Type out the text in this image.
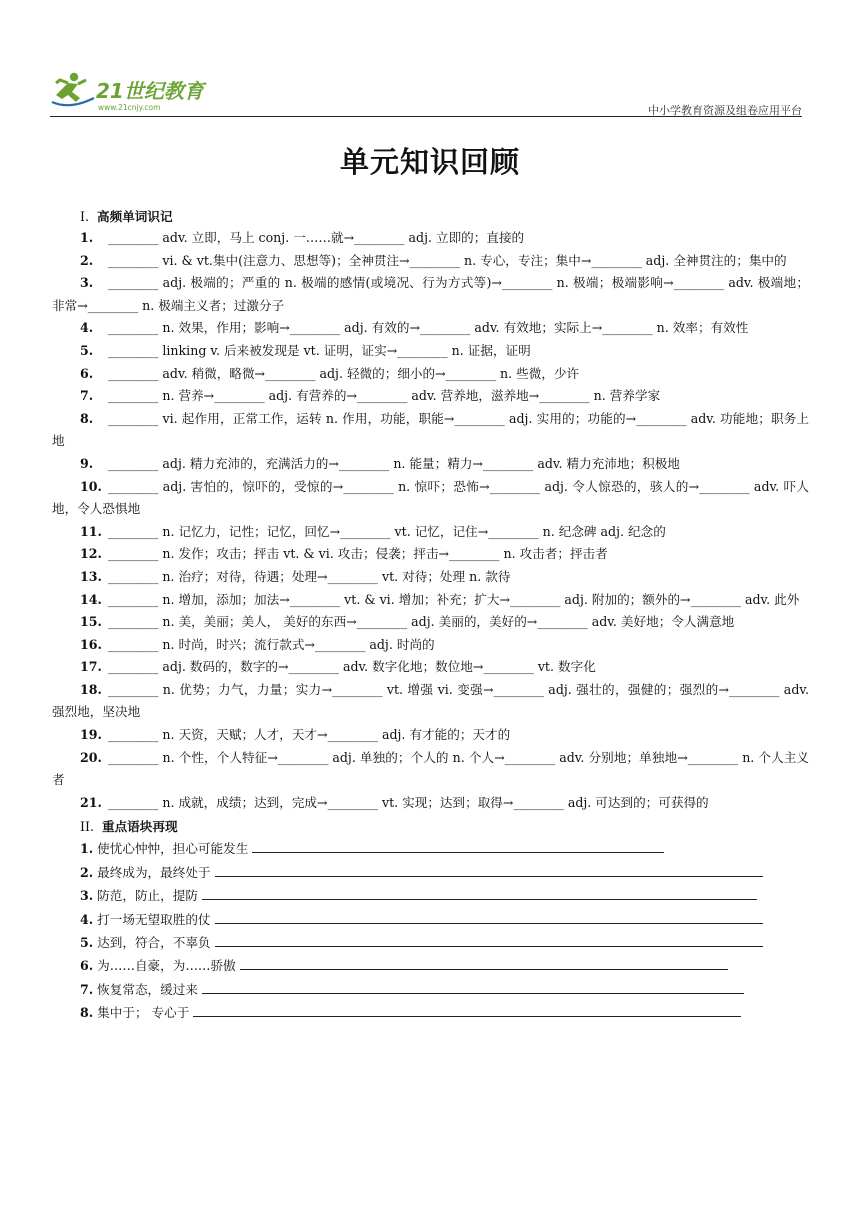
21世纪教育
www.21cnjy.com	中小学教育资源及组卷应用平台
单元知识回顾
I. 高频单词识记
1. ________ adv. 立即，马上 conj. 一……就→________ adj. 立即的；直接的
2. ________ vi. & vt.集中(注意力、思想等)；全神贯注→________ n. 专心，专注；集中→________ adj. 全神贯注的；集中的
3. ________ adj. 极端的；严重的 n. 极端的感情(或境况、行为方式等)→________ n. 极端；极端影响→________ adv. 极端地；非常→________ n. 极端主义者；过激分子
4. ________ n. 效果，作用；影响→________ adj. 有效的→________ adv. 有效地；实际上→________ n. 效率；有效性
5. ________ linking v. 后来被发现是 vt. 证明，证实→________ n. 证据，证明
6. ________ adv. 稍微，略微→________ adj. 轻微的；细小的→________ n. 些微，少许
7. ________ n. 营养→________ adj. 有营养的→________ adv. 营养地，滋养地→________ n. 营养学家
8. ________ vi. 起作用，正常工作，运转 n. 作用，功能，职能→________ adj. 实用的；功能的→________ adv. 功能地；职务上地
9. ________ adj. 精力充沛的，充满活力的→________ n. 能量；精力→________ adv. 精力充沛地；积极地
10. ________ adj. 害怕的，惊吓的，受惊的→________ n. 惊吓；恐怖→________ adj. 令人惊恐的，骇人的→________ adv. 吓人地，令人恐惧地
11. ________ n. 记忆力，记性；记忆，回忆→________ vt. 记忆，记住→________ n. 纪念碑 adj. 纪念的
12. ________ n. 发作；攻击；抨击 vt. & vi. 攻击；侵袭；抨击→________ n. 攻击者；抨击者
13. ________ n. 治疗；对待，待遇；处理→________ vt. 对待；处理 n. 款待
14. ________ n. 增加，添加；加法→________ vt. & vi. 增加；补充；扩大→________ adj. 附加的；额外的→________ adv. 此外
15. ________ n. 美，美丽；美人， 美好的东西→________ adj. 美丽的，美好的→________ adv. 美好地；令人满意地
16. ________ n. 时尚，时兴；流行款式→________ adj. 时尚的
17. ________ adj. 数码的，数字的→________ adv. 数字化地；数位地→________ vt. 数字化
18. ________ n. 优势；力气，力量；实力→________ vt. 增强 vi. 变强→________ adj. 强壮的，强健的；强烈的→________ adv. 强烈地，坚决地
19. ________ n. 天资，天赋；人才，天才→________ adj. 有才能的；天才的
20. ________ n. 个性，个人特征→________ adj. 单独的；个人的 n. 个人→________ adv. 分别地；单独地→________ n. 个人主义者
21. ________ n. 成就，成绩；达到，完成→________ vt. 实现；达到；取得→________ adj. 可达到的；可获得的
II. 重点语块再现
1. 使忧心忡忡，担心可能发生
2. 最终成为，最终处于
3. 防范，防止，提防
4. 打一场无望取胜的仗
5. 达到，符合，不辜负
6. 为……自豪，为……骄傲
7. 恢复常态，缓过来
8. 集中于； 专心于
